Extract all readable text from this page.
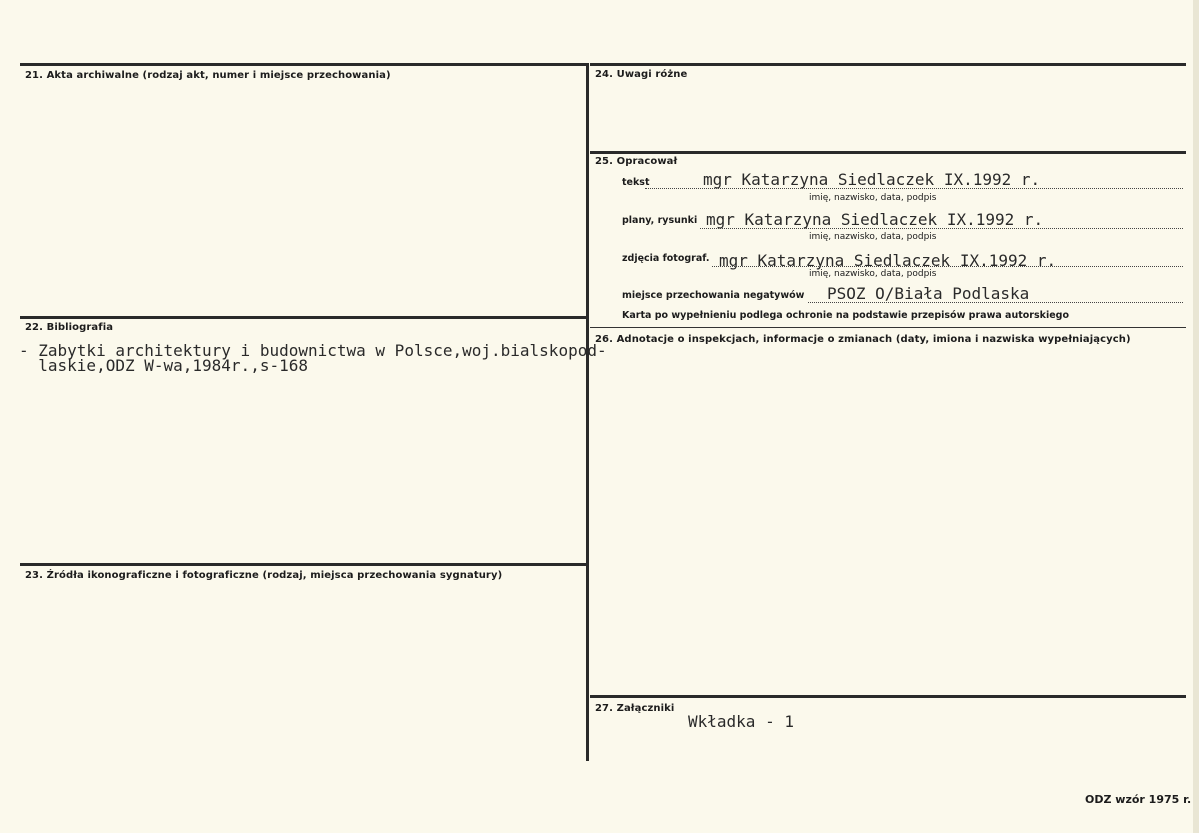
21. Akta archiwalne (rodzaj akt, numer i miejsce przechowania)
22. Bibliografia
- Zabytki architektury i budownictwa w Polsce,woj.bialskopod-
laskie,ODZ W-wa,1984r.,s-168
23. Źródła ikonograficzne i fotograficzne (rodzaj, miejsca przechowania sygnatury)
24. Uwagi różne
25. Opracował
tekst	mgr Katarzyna Siedlaczek IX.1992 r.
imię, nazwisko, data, podpis
plany, rysunki mgr Katarzyna Siedlaczek IX.1992 r.
imię, nazwisko, data, podpis
zdjęcia fotograf. mgr Katarzyna Siedlaczek IX.1992 r.
imię, nazwisko, data, podpis
miejsce przechowania negatywów PSOZ O/Biała Podlaska
Karta po wypełnieniu podlega ochronie na podstawie przepisów prawa autorskiego
26. Adnotacje o inspekcjach, informacje o zmianach (daty, imiona i nazwiska wypełniających)
27. Załączniki
Wkładka - 1
ODZ wzór 1975 r.
